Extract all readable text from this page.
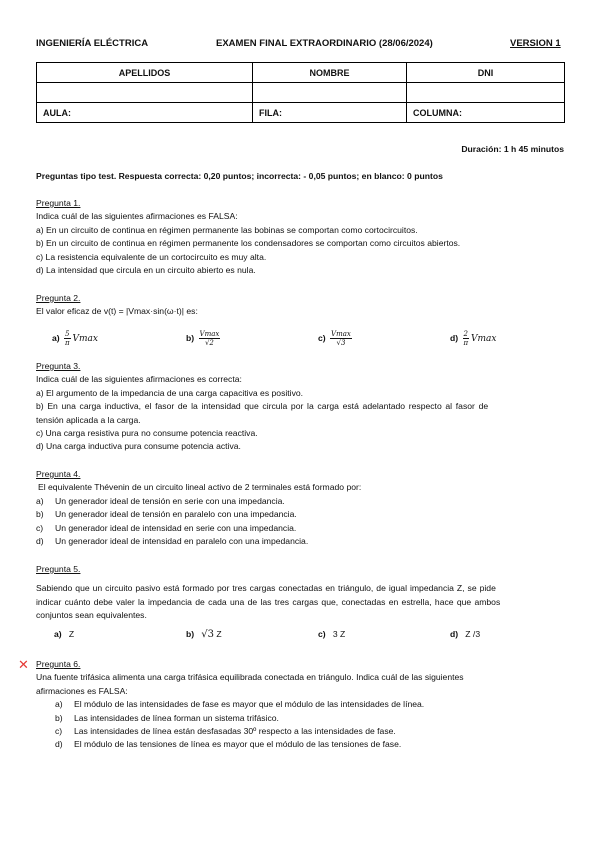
INGENIERÍA ELÉCTRICA	EXAMEN FINAL EXTRAORDINARIO (28/06/2024)	VERSION 1
APELLIDOS	NOMBRE	DNI

AULA:	FILA:	COLUMNA:
Duración: 1 h 45 minutos
Preguntas tipo test. Respuesta correcta: 0,20 puntos; incorrecta: - 0,05 puntos; en blanco: 0 puntos
Pregunta 1.
Indica cuál de las siguientes afirmaciones es FALSA:
a) En un circuito de continua en régimen permanente las bobinas se comportan como cortocircuitos.
b) En un circuito de continua en régimen permanente los condensadores se comportan como circuitos abiertos.
c) La resistencia equivalente de un cortocircuito es muy alta.
d) La intensidad que circula en un circuito abierto es nula.
Pregunta 2.
El valor eficaz de v(t) = |Vmax·sin(ω·t)| es:
$a) \frac{5}{\pi}$ Vmax	$b) \frac{Vmax}{√2}$	$c) \frac{Vmax}{√3}$	$d) \frac{2}{\pi}$ Vmax
Pregunta 3.
Indica cuál de las siguientes afirmaciones es correcta:
a) El argumento de la impedancia de una carga capacitiva es positivo.
b) En una carga inductiva, el fasor de la intensidad que circula por la carga está adelantado respecto al fasor de
tensión aplicada a la carga.
c) Una carga resistiva pura no consume potencia reactiva.
d) Una carga inductiva pura consume potencia activa.
Pregunta 4.
El equivalente Thévenin de un circuito lineal activo de 2 terminales está formado por:
a) Un generador ideal de tensión en serie con una impedancia.
b) Un generador ideal de tensión en paralelo con una impedancia.
c) Un generador ideal de intensidad en serie con una impedancia.
d) Un generador ideal de intensidad en paralelo con una impedancia.
Pregunta 5.
Sabiendo que un circuito pasivo está formado por tres cargas conectadas en triángulo, de igual impedancia Z, se pide
indicar cuánto debe valer la impedancia de cada una de las tres cargas que, conectadas en estrella, hace que ambos
conjuntos sean equivalentes.
a) Z	b) √3 Z	c) 3 Z	d) Z /3
✕ Pregunta 6.
Una fuente trifásica alimenta una carga trifásica equilibrada conectada en triángulo. Indica cuál de las siguientes
afirmaciones es FALSA:
a) El módulo de las intensidades de fase es mayor que el módulo de las intensidades de línea.
b) Las intensidades de línea forman un sistema trifásico.
c) Las intensidades de línea están desfasadas 30º respecto a las intensidades de fase.
d) El módulo de las tensiones de línea es mayor que el módulo de las tensiones de fase.
